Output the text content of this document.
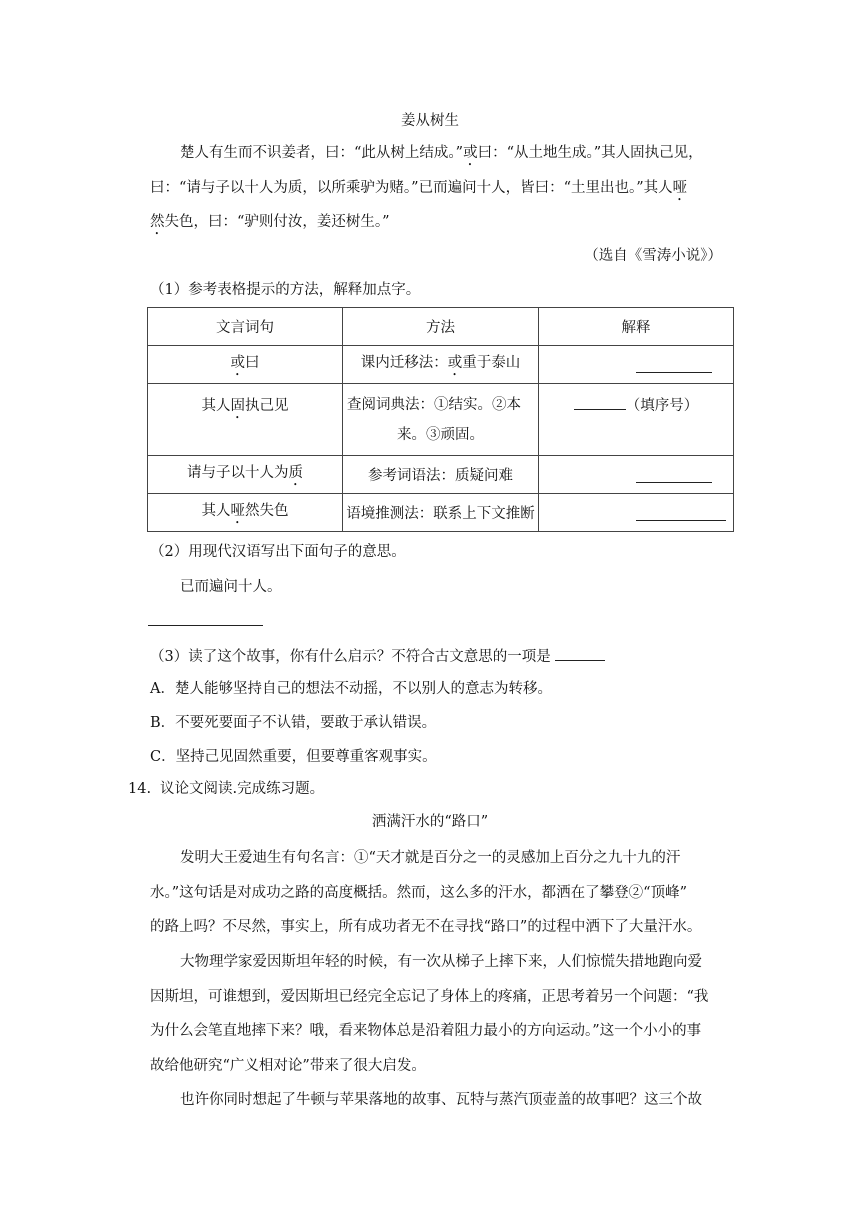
姜从树生
楚人有生而不识姜者，曰：“此从树上结成。”或曰：“从土地生成。”其人固执己见，
曰：“请与子以十人为质，以所乘驴为赌。”已而遍问十人，皆曰：“土里出也。”其人哑
然失色，曰：“驴则付汝，姜还树生。”
（选自《雪涛小说》）
（1）参考表格提示的方法，解释加点字。
文言词句	方法	解释
或曰	课内迁移法：或重于泰山	

其人固执己见	查阅词典法：①结实。②本
来。③顽固。	（填序号）
请与子以十人为质	参考词语法：质疑问难	

其人哑然失色	语境推测法：联系上下文推断	
（2）用现代汉语写出下面句子的意思。
已而遍问十人。
（3）读了这个故事，你有什么启示？不符合古文意思的一项是
A．楚人能够坚持自己的想法不动摇，不以别人的意志为转移。
B．不要死要面子不认错，要敢于承认错误。
C．坚持己见固然重要，但要尊重客观事实。
14. 议论文阅读.完成练习题。
洒满汗水的“路口”
发明大王爱迪生有句名言：①“天才就是百分之一的灵感加上百分之九十九的汗
水。”这句话是对成功之路的高度概括。然而，这么多的汗水，都洒在了攀登②“顶峰”
的路上吗？不尽然，事实上，所有成功者无不在寻找“路口”的过程中洒下了大量汗水。
大物理学家爱因斯坦年轻的时候，有一次从梯子上摔下来，人们惊慌失措地跑向爱
因斯坦，可谁想到，爱因斯坦已经完全忘记了身体上的疼痛，正思考着另一个问题：“我
为什么会笔直地摔下来？哦，看来物体总是沿着阻力最小的方向运动。”这一个小小的事
故给他研究“广义相对论”带来了很大启发。
也许你同时想起了牛顿与苹果落地的故事、瓦特与蒸汽顶壶盖的故事吧？这三个故
